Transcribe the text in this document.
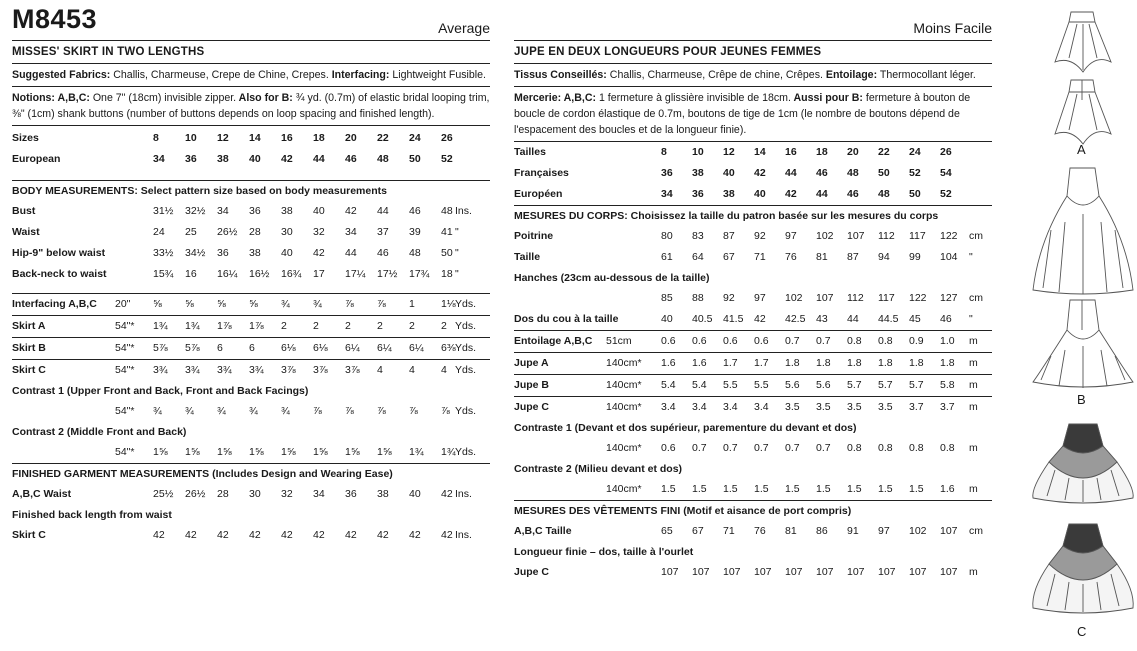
M8453	Average
MISSES' SKIRT IN TWO LENGTHS
Suggested Fabrics: Challis, Charmeuse, Crepe de Chine, Crepes. Interfacing: Lightweight Fusible.
Notions: A,B,C: One 7" (18cm) invisible zipper. Also for B: ¾ yd. (0.7m) of elastic bridal looping trim, ⅜" (1cm) shank buttons (number of buttons depends on loop spacing and finished length).
Sizes	8 10 12 14 16 18 20 22 24 26
European	34 36 38 40 42 44 46 48 50 52
BODY MEASUREMENTS: Select pattern size based on body measurements
Bust	31½ 32½ 34 36 38 40 42 44 46 48 Ins.
Waist	24 25 26½ 28 30 32 34 37 39 41 "
Hip-9" below waist	33½ 34½ 36 38 40 42 44 46 48 50 "
Back-neck to waist	15¾ 16 16¼ 16½ 16¾ 17 17¼ 17½ 17¾ 18 "
Interfacing A,B,C 20" ⅝ ⅝ ⅝ ⅝ ¾ ¾ ⅞ ⅞ 1 1⅛ Yds.
Skirt A	54"* 1¾ 1¾ 1⅞ 1⅞ 2 2 2 2 2 2 Yds.
Skirt B	54"* 5⅞ 5⅞ 6 6 6⅛ 6⅛ 6¼ 6¼ 6¼ 6⅜ Yds.
Skirt C	54"* 3¾ 3¾ 3¾ 3¾ 3⅞ 3⅞ 3⅞ 4 4 4 Yds.
Contrast 1 (Upper Front and Back, Front and Back Facings)
54"* ¾ ¾ ¾ ¾ ¾ ⅞ ⅞ ⅞ ⅞ ⅞ Yds.
Contrast 2 (Middle Front and Back)
54"* 1⅝ 1⅝ 1⅝ 1⅝ 1⅝ 1⅝ 1⅝ 1⅝ 1¾ 1¾ Yds.
FINISHED GARMENT MEASUREMENTS (Includes Design and Wearing Ease)
A,B,C Waist	25½ 26½ 28 30 32 34 36 38 40 42 Ins.
Finished back length from waist
Skirt C	42 42 42 42 42 42 42 42 42 42 Ins.
Moins Facile
JUPE EN DEUX LONGUEURS POUR JEUNES FEMMES
Tissus Conseillés: Challis, Charmeuse, Crêpe de chine, Crêpes. Entoilage: Thermocollant léger.
Mercerie: A,B,C: 1 fermeture à glissière invisible de 18cm. Aussi pour B: fermeture à bouton de boucle de cordon élastique de 0.7m, boutons de tige de 1cm (le nombre de boutons dépend de l'espacement des boucles et de la longueur finie).
Tailles	8 10 12 14 16 18 20 22 24 26
Françaises	36 38 40 42 44 46 48 50 52 54
Européen	34 36 38 40 42 44 46 48 50 52
MESURES DU CORPS: Choisissez la taille du patron basée sur les mesures du corps
Poitrine	80 83 87 92 97 102 107 112 117 122 cm
Taille	61 64 67 71 76 81 87 94 99 104 "
Hanches (23cm au-dessous de la taille)
85 88 92 97 102 107 112 117 122 127 cm
Dos du cou à la taille	40 40.5 41.5 42 42.5 43 44 44.5 45 46 "
Entoilage A,B,C 51cm	0.6 0.6 0.6 0.6 0.7 0.7 0.8 0.8 0.9 1.0 m
Jupe A	140cm* 1.6 1.6 1.7 1.7 1.8 1.8 1.8 1.8 1.8 1.8 m
Jupe B	140cm* 5.4 5.4 5.5 5.5 5.6 5.6 5.7 5.7 5.7 5.8 m
Jupe C	140cm* 3.4 3.4 3.4 3.4 3.5 3.5 3.5 3.5 3.7 3.7 m
Contraste 1 (Devant et dos supérieur, parementure du devant et dos)
140cm* 0.6 0.7 0.7 0.7 0.7 0.7 0.8 0.8 0.8 0.8 m
Contraste 2 (Milieu devant et dos)
140cm* 1.5 1.5 1.5 1.5 1.5 1.5 1.5 1.5 1.5 1.6 m
MESURES DES VÊTEMENTS FINI (Motif et aisance de port compris)
A,B,C Taille	65 67 71 76 81 86 91 97 102 107 cm
Longueur finie – dos, taille à l'ourlet
Jupe C	107 107 107 107 107 107 107 107 107 107 m
A
B
C
